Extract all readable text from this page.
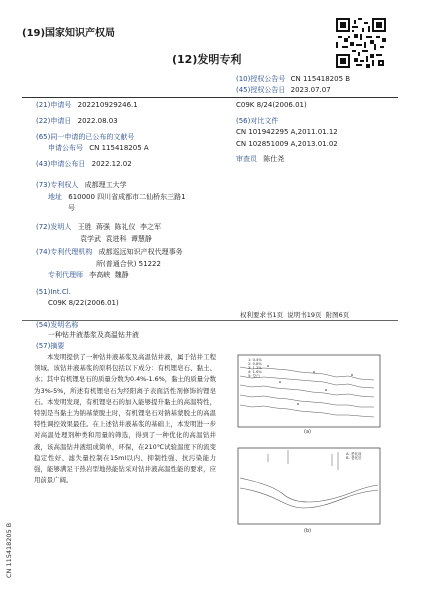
(19)国家知识产权局
(12)发明专利
(10)授权公告号 CN 115418205 B
(45)授权公告日 2023.07.07
(21)申请号 202210929246.1
(22)申请日 2022.08.03
(65)同一申请的已公布的文献号
申请公布号 CN 115418205 A
(43)申请公布日 2022.12.02
(73)专利权人 成都理工大学
地址 610000 四川省成都市二仙桥东三路1
号
(72)发明人 王胜  蒋强  陈礼仪  李之军
袁学武  袁进科  谭慧静
(74)专利代理机构 成都巡远知识产权代理事务
所(普通合伙) 51222
专利代理师 李高峡  魏静
(51)Int.Cl.
C09K 8/22(2006.01)
C09K 8/24(2006.01)
(56)对比文件
CN 101942295 A,2011.01.12
CN 102851009 A,2013.01.02
审查员 陈仕尧
权利要求书1页  说明书19页  附图6页
(54)发明名称
一种钻井液基浆及高温钻井液
(57)摘要
本发明提供了一种钻井液基浆及高温钻井液，属于钻井工程领域。该钻井液基浆的原料包括以下成分：有机锂皂石、黏土、水；其中有机锂皂石的质量分数为0.4%-1.6%，黏土的质量分数为3%-5%，所述有机锂皂石为经阳离子表面活性剂修饰的锂皂石。本发明发现，有机锂皂石的加入能够提升黏土的高温特性，特别是当黏土为钠基蒙脱土时，有机锂皂石对钠基蒙脱土的高温特性调控效果最佳。在上述钻井液基浆的基础上，本发明进一步对高温处理剂种类和用量的筛选，得到了一种优化的高温钻井液，该高温钻井液组成简单，环保，在210℃试验温度下的流变稳定性好、滤失量控制在15ml以内、抑制性强、抗污染能力强，能够满足干热岩型地热能钻采对钻井液高温性能的要求，应用前景广阔。
CN 115418205 B
1: 0.4%
2: 0.8%
3: 1.2%
4: 1.6%
5: 空白
(a)
A: 老化前
B: 老化后
(b)
